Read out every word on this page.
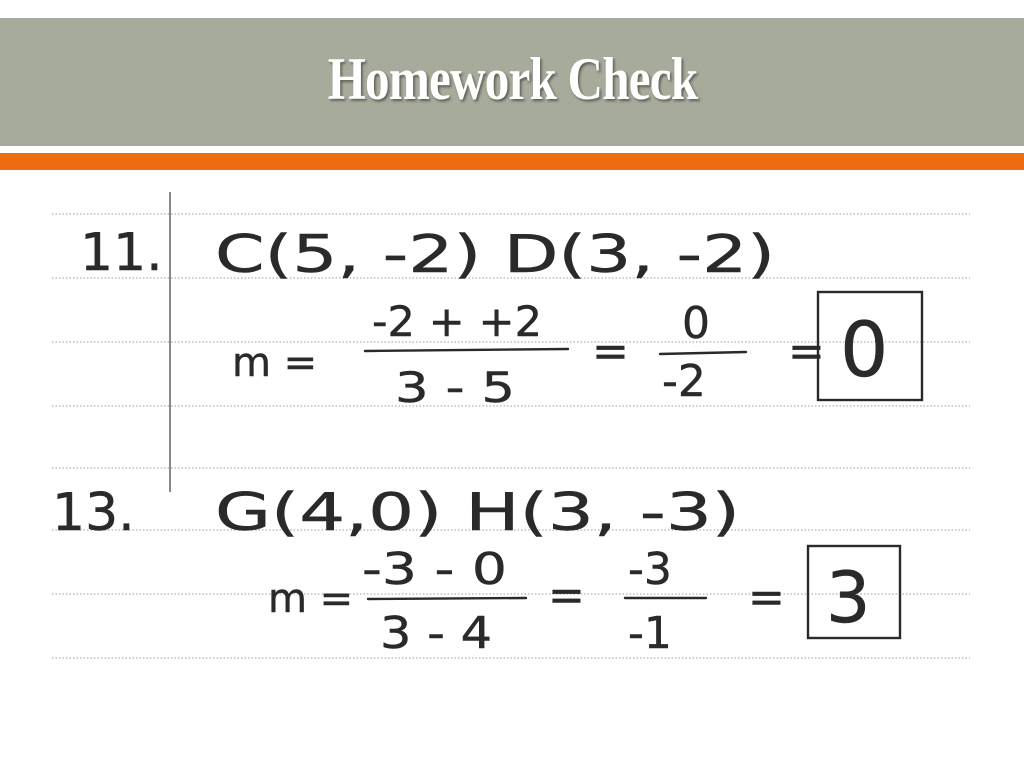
Homework Check
11. C(5, -2) D(3, -2)
m =
-2 + +2
3 - 5
=
0
-2
= 0
13. G(4,0) H(3, -3)
m =
-3 - 0
3 - 4
=
-3
-1
= 3
